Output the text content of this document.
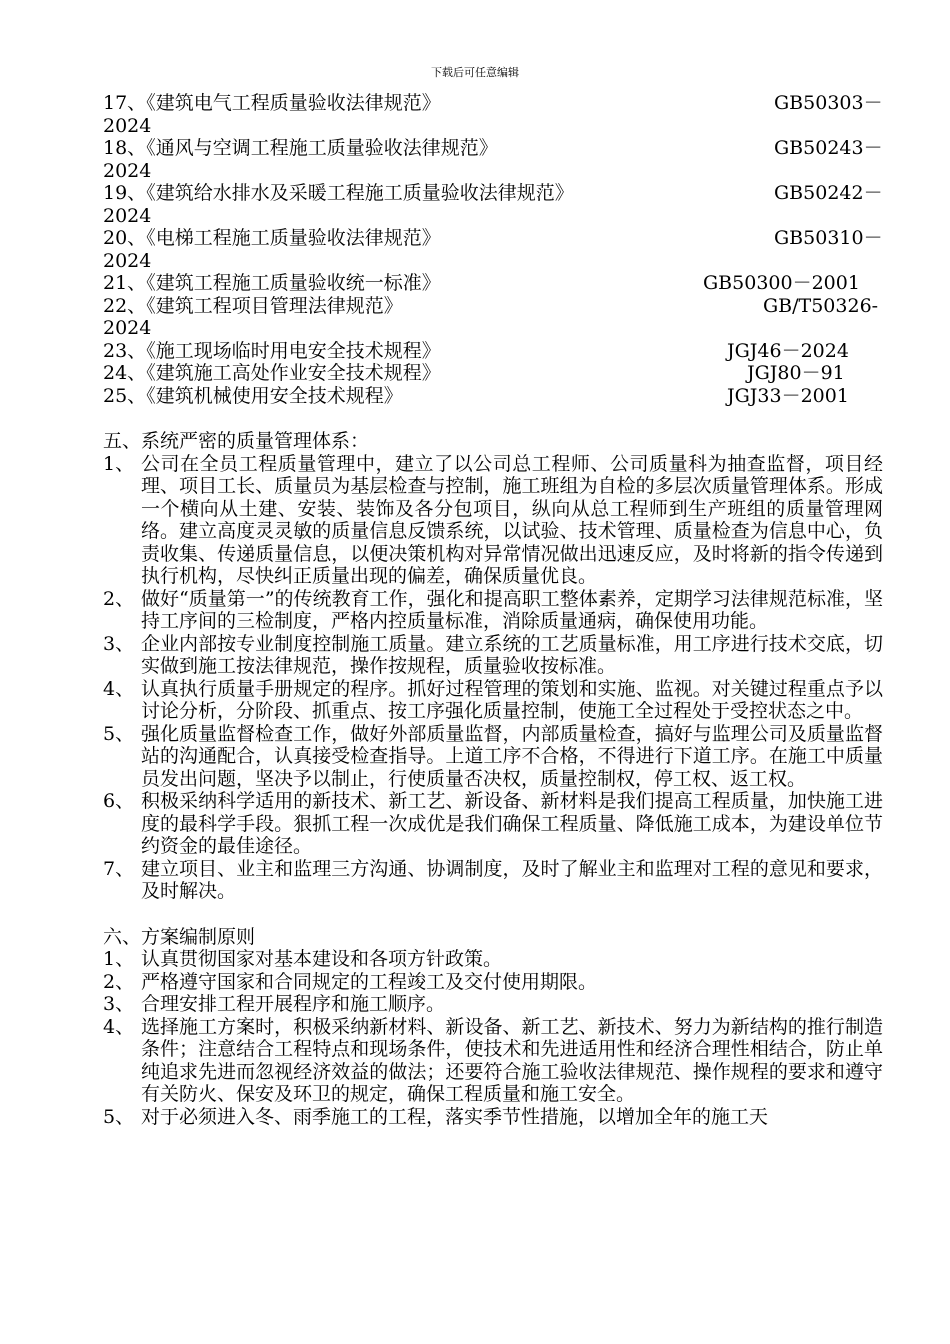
下载后可任意编辑
17、《建筑电气工程质量验收法律规范》	GB50303－
2024
18、《通风与空调工程施工质量验收法律规范》	GB50243－
2024
19、《建筑给水排水及采暖工程施工质量验收法律规范》	GB50242－
2024
20、《电梯工程施工质量验收法律规范》	GB50310－
2024
21、《建筑工程施工质量验收统一标准》	GB50300－2001
22、《建筑工程项目管理法律规范》	GB/T50326-
2024
23、《施工现场临时用电安全技术规程》	JGJ46－2024
24、《建筑施工高处作业安全技术规程》	JGJ80－91
25、《建筑机械使用安全技术规程》	JGJ33－2001
五、系统严密的质量管理体系：
1、 公司在全员工程质量管理中，建立了以公司总工程师、公司质量科为抽查监督，项目经理、项目工长、质量员为基层检查与控制，施工班组为自检的多层次质量管理体系。形成一个横向从土建、安装、装饰及各分包项目，纵向从总工程师到生产班组的质量管理网络。建立高度灵灵敏的质量信息反馈系统，以试验、技术管理、质量检查为信息中心，负责收集、传递质量信息，以便决策机构对异常情况做出迅速反应，及时将新的指令传递到执行机构，尽快纠正质量出现的偏差，确保质量优良。
2、 做好“质量第一”的传统教育工作，强化和提高职工整体素养，定期学习法律规范标准，坚持工序间的三检制度，严格内控质量标准，消除质量通病，确保使用功能。
3、 企业内部按专业制度控制施工质量。建立系统的工艺质量标准，用工序进行技术交底，切实做到施工按法律规范，操作按规程，质量验收按标准。
4、 认真执行质量手册规定的程序。抓好过程管理的策划和实施、监视。对关键过程重点予以讨论分析，分阶段、抓重点、按工序强化质量控制，使施工全过程处于受控状态之中。
5、 强化质量监督检查工作，做好外部质量监督，内部质量检查，搞好与监理公司及质量监督站的沟通配合，认真接受检查指导。上道工序不合格，不得进行下道工序。在施工中质量员发出问题，坚决予以制止，行使质量否决权，质量控制权，停工权、返工权。
6、 积极采纳科学适用的新技术、新工艺、新设备、新材料是我们提高工程质量，加快施工进度的最科学手段。狠抓工程一次成优是我们确保工程质量、降低施工成本，为建设单位节约资金的最佳途径。
7、 建立项目、业主和监理三方沟通、协调制度，及时了解业主和监理对工程的意见和要求，及时解决。
六、方案编制原则
1、 认真贯彻国家对基本建设和各项方针政策。
2、 严格遵守国家和合同规定的工程竣工及交付使用期限。
3、 合理安排工程开展程序和施工顺序。
4、 选择施工方案时，积极采纳新材料、新设备、新工艺、新技术、努力为新结构的推行制造条件；注意结合工程特点和现场条件，使技术和先进适用性和经济合理性相结合，防止单纯追求先进而忽视经济效益的做法；还要符合施工验收法律规范、操作规程的要求和遵守有关防火、保安及环卫的规定，确保工程质量和施工安全。
5、 对于必须进入冬、雨季施工的工程，落实季节性措施，以增加全年的施工天
